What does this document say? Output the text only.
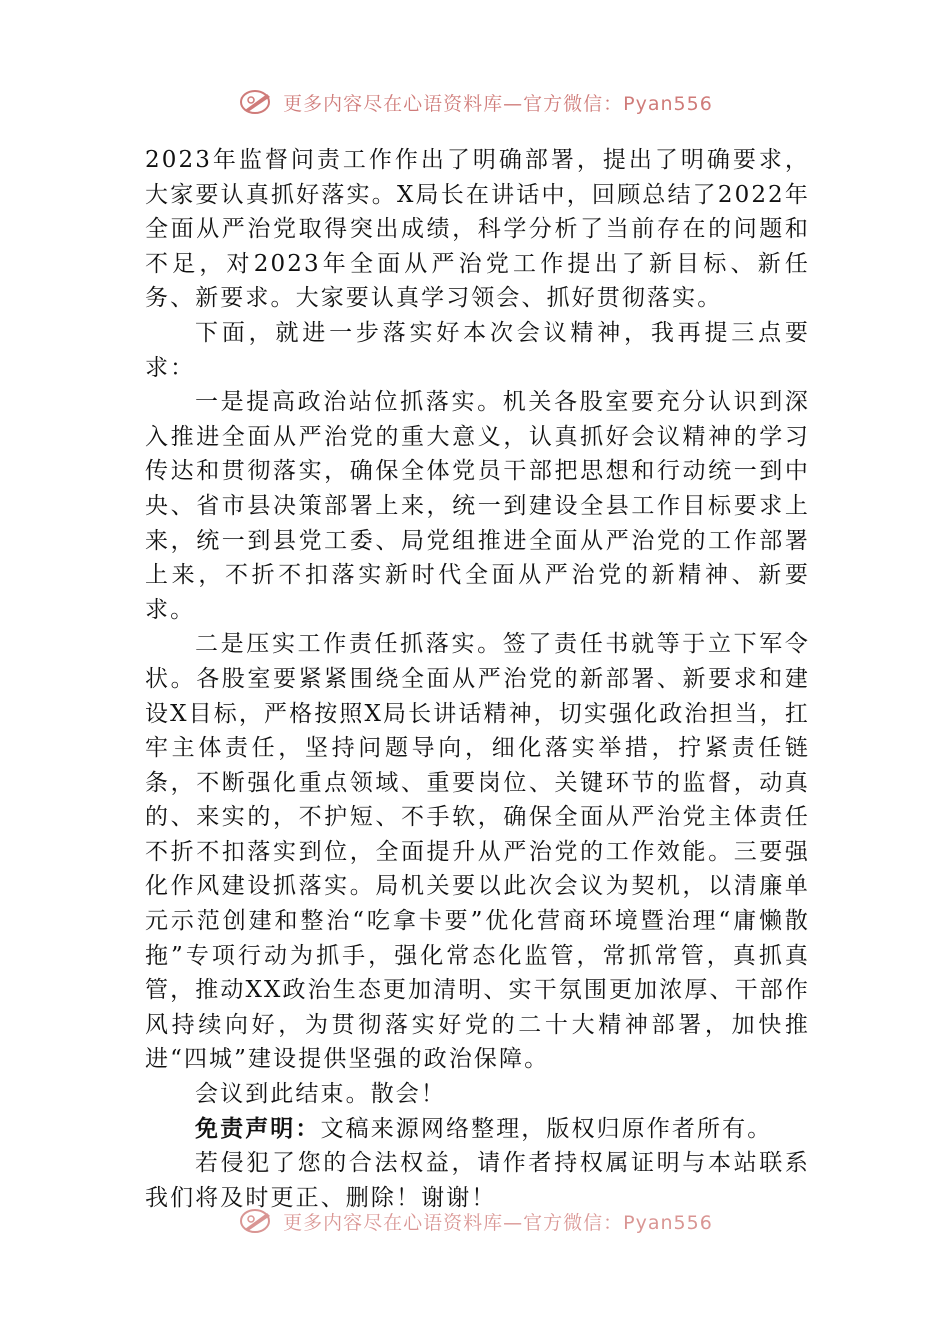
更多内容尽在心语资料库—官方微信：Pyan556

2023年监督问责工作作出了明确部署，提出了明确要求，大家要认真抓好落实。X局长在讲话中，回顾总结了2022年全面从严治党取得突出成绩，科学分析了当前存在的问题和不足，对2023年全面从严治党工作提出了新目标、新任务、新要求。大家要认真学习领会、抓好贯彻落实。

下面，就进一步落实好本次会议精神，我再提三点要求：

一是提高政治站位抓落实。机关各股室要充分认识到深入推进全面从严治党的重大意义，认真抓好会议精神的学习传达和贯彻落实，确保全体党员干部把思想和行动统一到中央、省市县决策部署上来，统一到建设全县工作目标要求上来，统一到县党工委、局党组推进全面从严治党的工作部署上来，不折不扣落实新时代全面从严治党的新精神、新要求。

二是压实工作责任抓落实。签了责任书就等于立下军令状。各股室要紧紧围绕全面从严治党的新部署、新要求和建设X目标，严格按照X局长讲话精神，切实强化政治担当，扛牢主体责任，坚持问题导向，细化落实举措，拧紧责任链条，不断强化重点领域、重要岗位、关键环节的监督，动真的、来实的，不护短、不手软，确保全面从严治党主体责任不折不扣落实到位，全面提升从严治党的工作效能。三要强化作风建设抓落实。局机关要以此次会议为契机，以清廉单元示范创建和整治“吃拿卡要”优化营商环境暨治理“庸懒散拖”专项行动为抓手，强化常态化监管，常抓常管，真抓真管，推动XX政治生态更加清明、实干氛围更加浓厚、干部作风持续向好，为贯彻落实好党的二十大精神部署，加快推进“四城”建设提供坚强的政治保障。

会议到此结束。散会！

免责声明：文稿来源网络整理，版权归原作者所有。

若侵犯了您的合法权益，请作者持权属证明与本站联系我们将及时更正、删除！谢谢！

更多内容尽在心语资料库—官方微信：Pyan556
